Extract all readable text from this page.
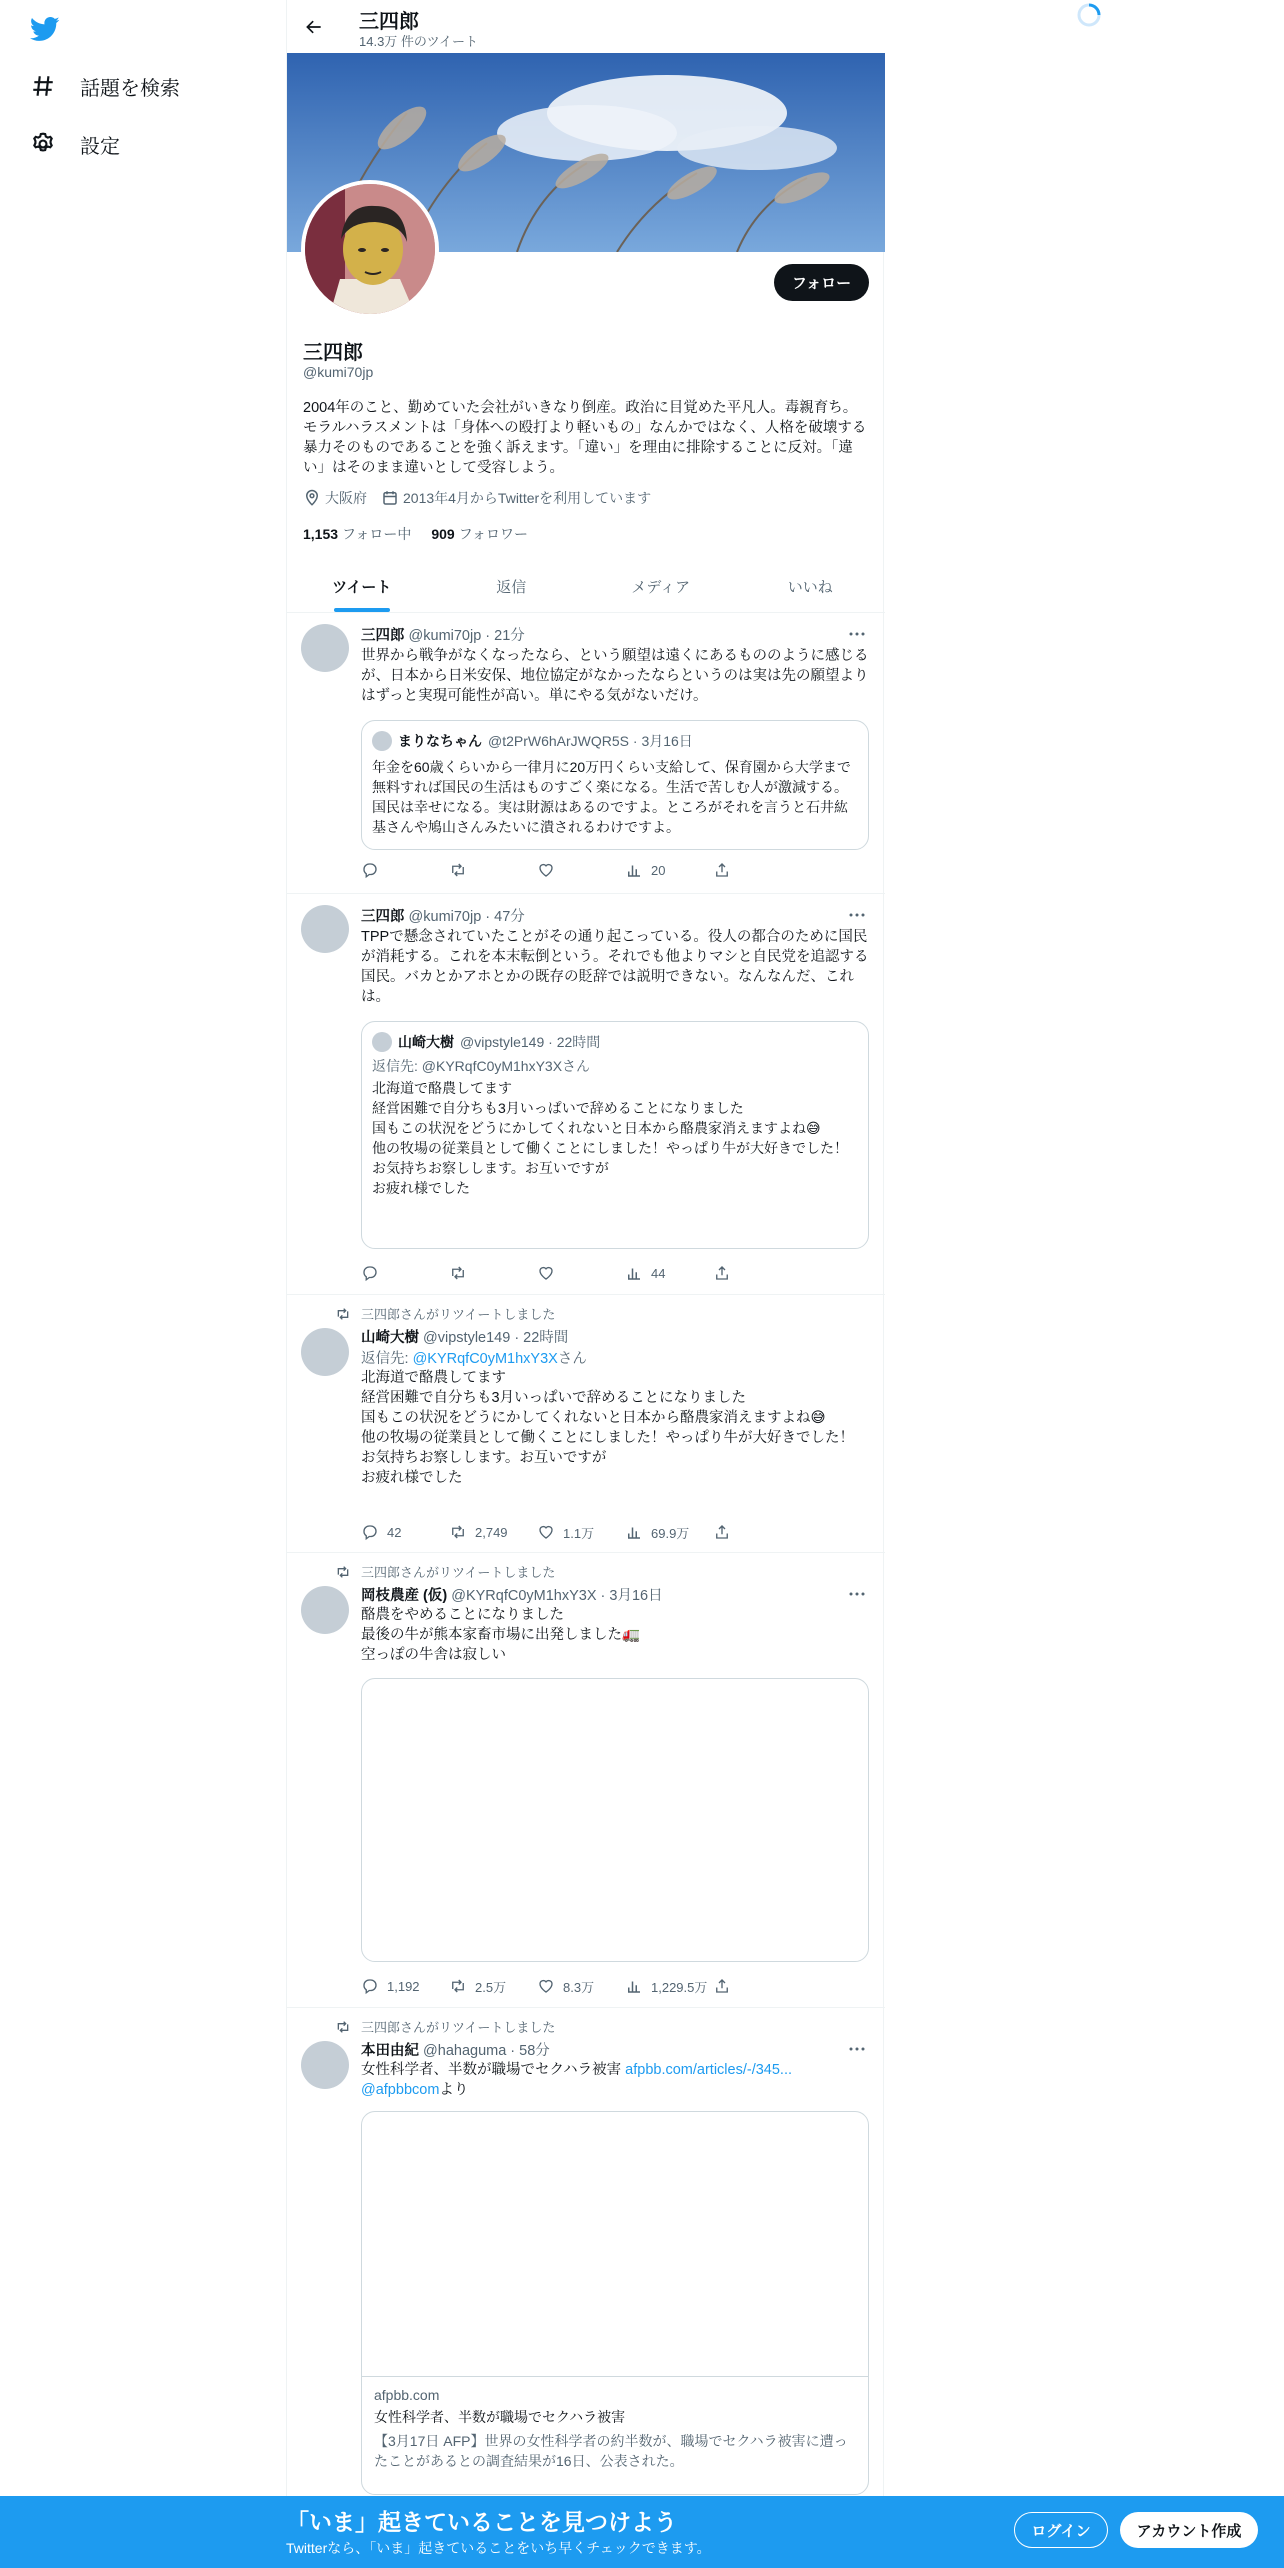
話題を検索
設定
三四郎
14.3万 件のツイート
フォロー
三四郎
@kumi70jp
2004年のこと、勤めていた会社がいきなり倒産。政治に目覚めた平凡人。毒親育ち。モラルハラスメントは「身体への殴打より軽いもの」なんかではなく、人格を破壊する暴力そのものであることを強く訴えます。「違い」を理由に排除することに反対。「違い」はそのまま違いとして受容しよう。
大阪府	2013年4月からTwitterを利用しています
1,153 フォロー中 909 フォロワー
ツイート	返信	メディア	いいね
三四郎 @kumi70jp · 21分
世界から戦争がなくなったなら、という願望は遠くにあるもののように感じるが、日本から日米安保、地位協定がなかったならというのは実は先の願望よりはずっと実現可能性が高い。単にやる気がないだけ。
まりなちゃん @t2PrW6hArJWQR5S · 3月16日
年金を60歳くらいから一律月に20万円くらい支給して、保育園から大学まで無料すれば国民の生活はものすごく楽になる。生活で苦しむ人が激減する。国民は幸せになる。実は財源はあるのですよ。ところがそれを言うと石井紘基さんや鳩山さんみたいに潰されるわけですよ。
20
三四郎 @kumi70jp · 47分
TPPで懸念されていたことがその通り起こっている。役人の都合のために国民が消耗する。これを本末転倒という。それでも他よりマシと自民党を追認する国民。バカとかアホとかの既存の貶辞では説明できない。なんなんだ、これは。
山崎大樹 @vipstyle149 · 22時間
返信先: @KYRqfC0yM1hxY3Xさん
北海道で酪農してます
経営困難で自分ちも3月いっぱいで辞めることになりました
国もこの状況をどうにかしてくれないと日本から酪農家消えますよね😅
他の牧場の従業員として働くことにしました！やっぱり牛が大好きでした！
お気持ちお察しします。お互いですが
お疲れ様でした
44
三四郎さんがリツイートしました
山崎大樹 @vipstyle149 · 22時間
返信先: @KYRqfC0yM1hxY3Xさん
北海道で酪農してます
経営困難で自分ちも3月いっぱいで辞めることになりました
国もこの状況をどうにかしてくれないと日本から酪農家消えますよね😅
他の牧場の従業員として働くことにしました！やっぱり牛が大好きでした！
お気持ちお察しします。お互いですが
お疲れ様でした
42	2,749	1.1万	69.9万
三四郎さんがリツイートしました
岡枝農産 (仮) @KYRqfC0yM1hxY3X · 3月16日
酪農をやめることになりました
最後の牛が熊本家畜市場に出発しました🚛
空っぽの牛舎は寂しい
1,192	2.5万	8.3万	1,229.5万
三四郎さんがリツイートしました
本田由紀 @hahaguma · 58分
女性科学者、半数が職場でセクハラ被害 afpbb.com/articles/-/345...
@afpbbcomより
afpbb.com
女性科学者、半数が職場でセクハラ被害
【3月17日 AFP】世界の女性科学者の約半数が、職場でセクハラ被害に遭ったことがあるとの調査結果が16日、公表された。
「いま」起きていることを見つけよう
Twitterなら、「いま」起きていることをいち早くチェックできます。
ログイン	アカウント作成
